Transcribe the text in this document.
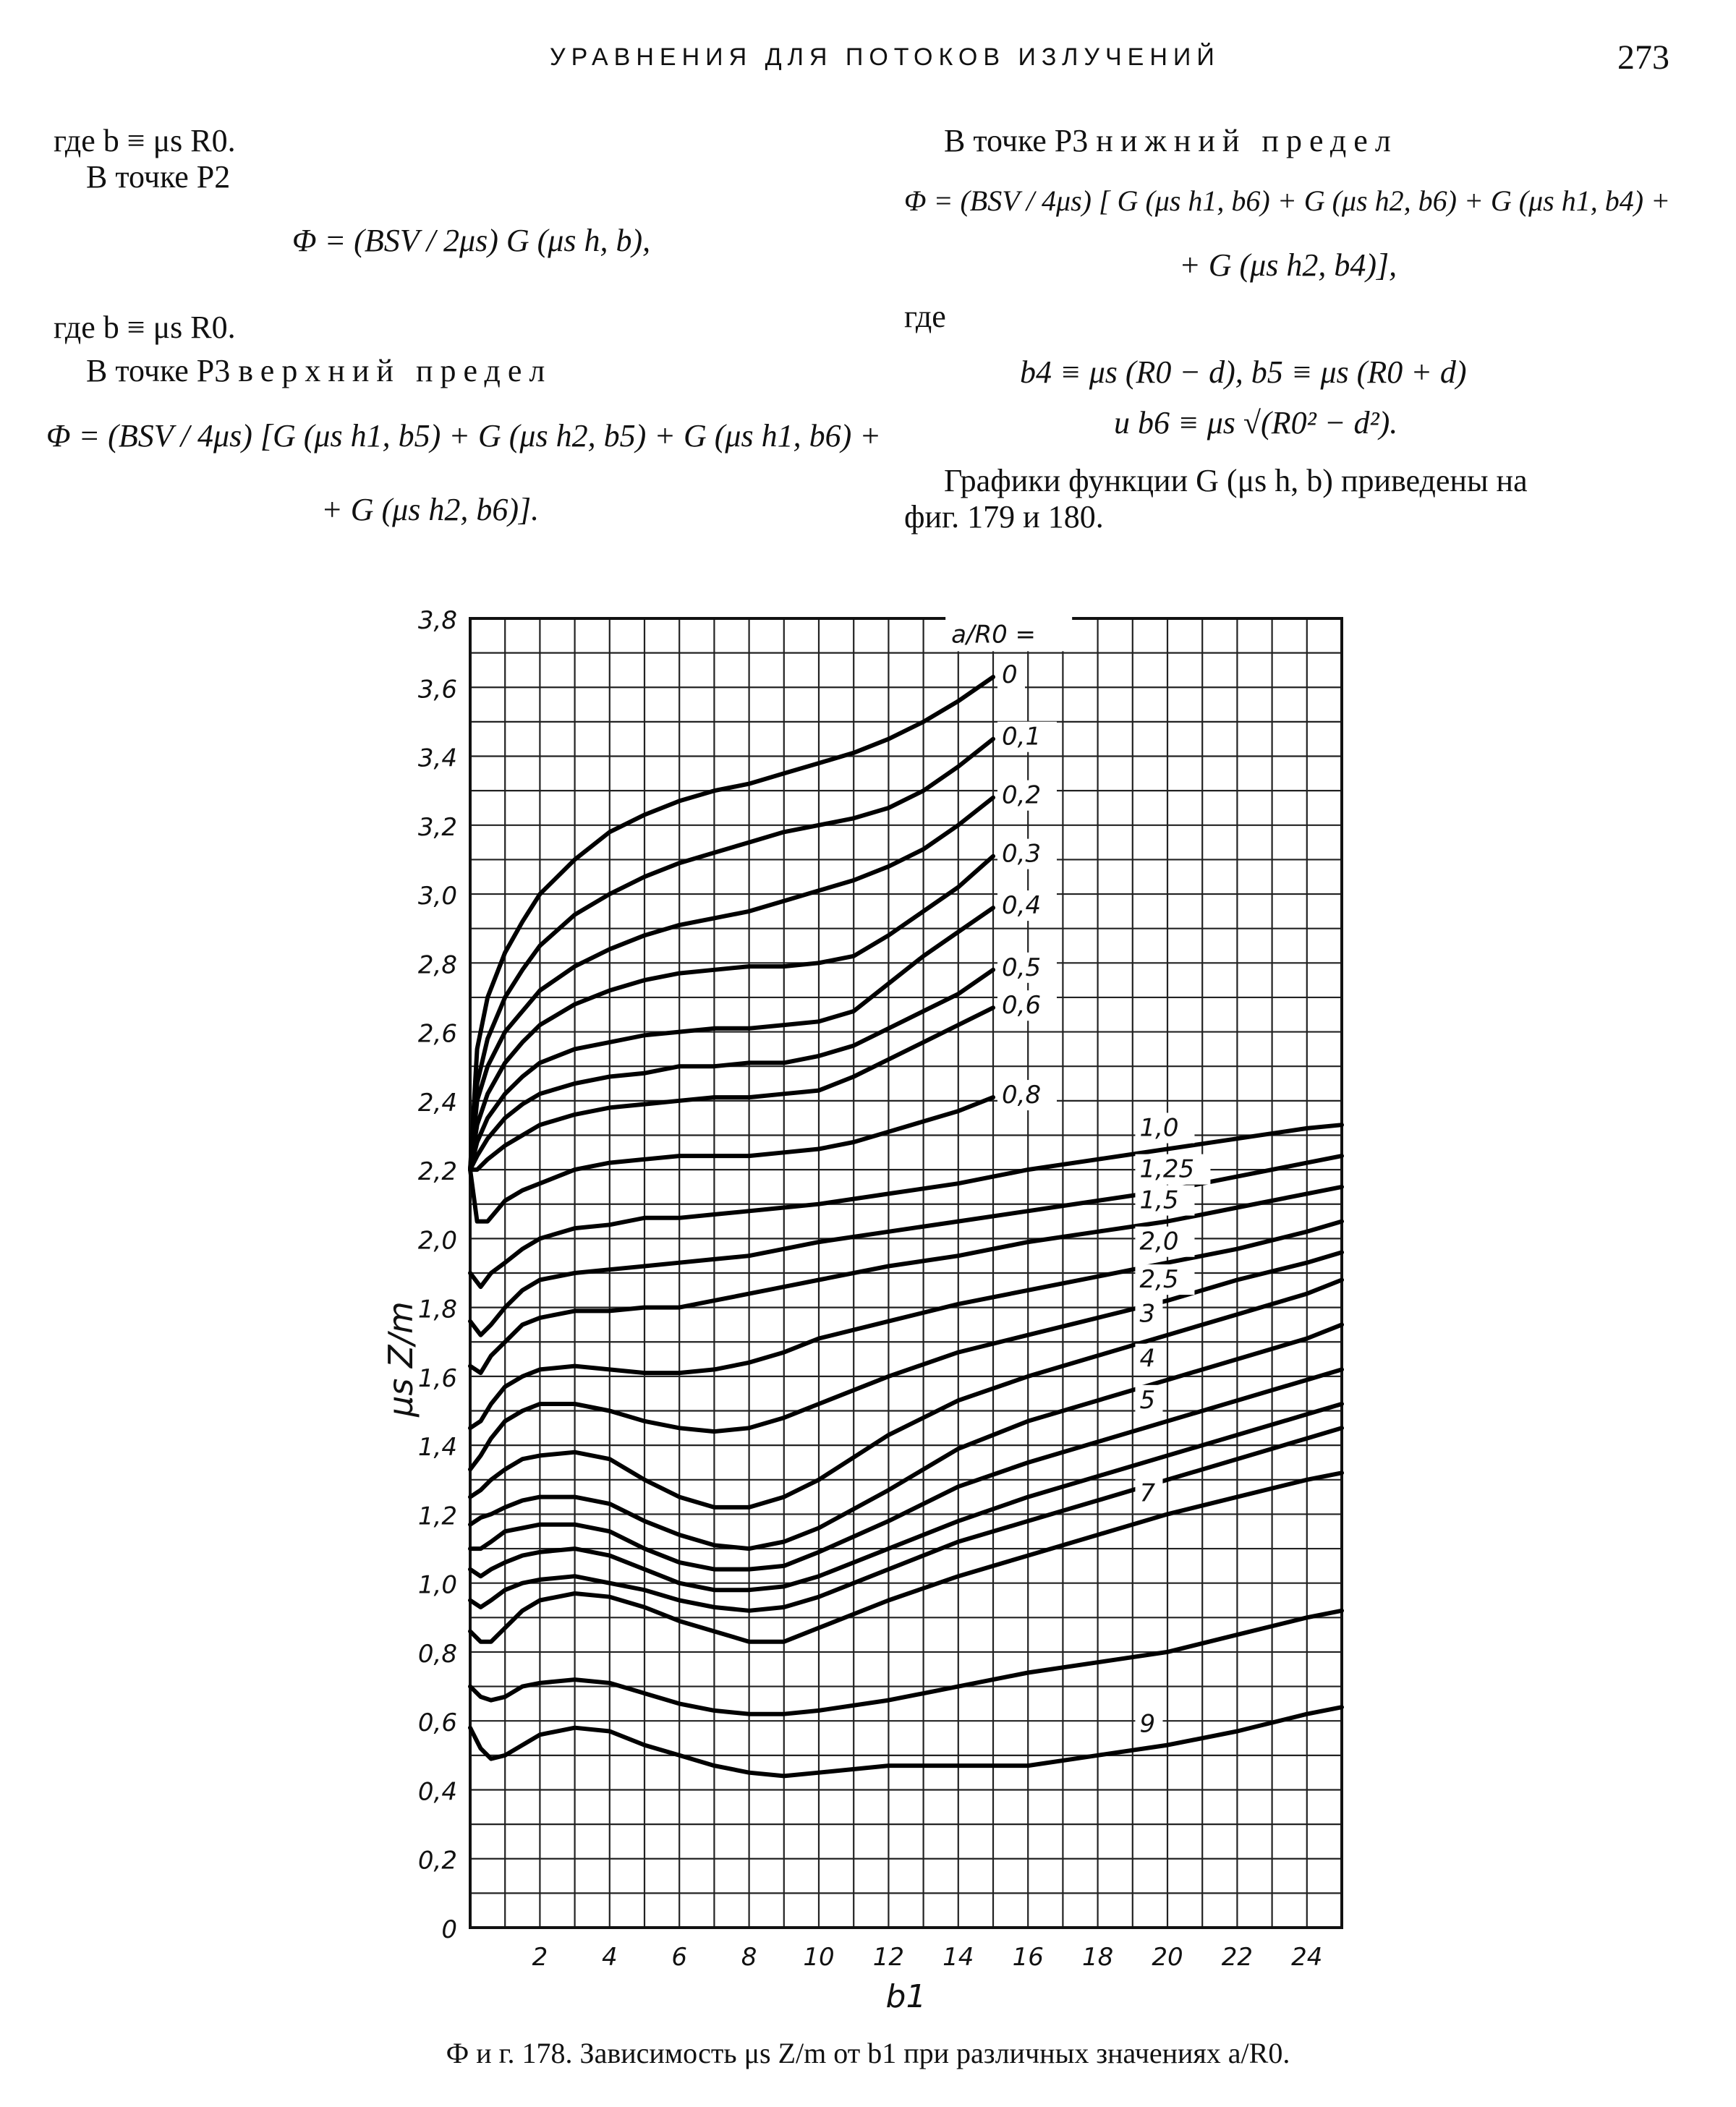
УРАВНЕНИЯ ДЛЯ ПОТОКОВ ИЗЛУЧЕНИЙ	273
где b ≡ μs R0.
В точке P2
Φ = (BSV / 2μs) G (μs h, b),
где b ≡ μs R0.
В точке P3 верхний предел
Φ = (BSV / 4μs) [G (μs h1, b5) + G (μs h2, b5) + G (μs h1, b6) +
+ G (μs h2, b6)].
В точке P3 нижний предел
Φ = (BSV / 4μs) [ G (μs h1, b6) + G (μs h2, b6) + G (μs h1, b4) +
+ G (μs h2, b4)],
где
b4 ≡ μs (R0 − d), b5 ≡ μs (R0 + d)
и b6 ≡ μs √(R0² − d²).
Графики функции G (μs h, b) приведены на
фиг. 179 и 180.
0
0,2
0,4
0,6
0,8
1,0
1,2
1,4
1,6
1,8
2,0
2,2
2,4
2,6
2,8
3,0
3,2
3,4
3,6
3,8
2 4 6 8 10 12 14 16 18 20 22 24
b1
μs Z/m
a/R0 =
0
0,1
0,2
0,3
0,4
0,5
0,6
0,8
1,0
1,25
1,5
2,0
2,5
3
4
5
7
9
Ф и г. 178. Зависимость μs Z/m от b1 при различных значениях a/R0.
